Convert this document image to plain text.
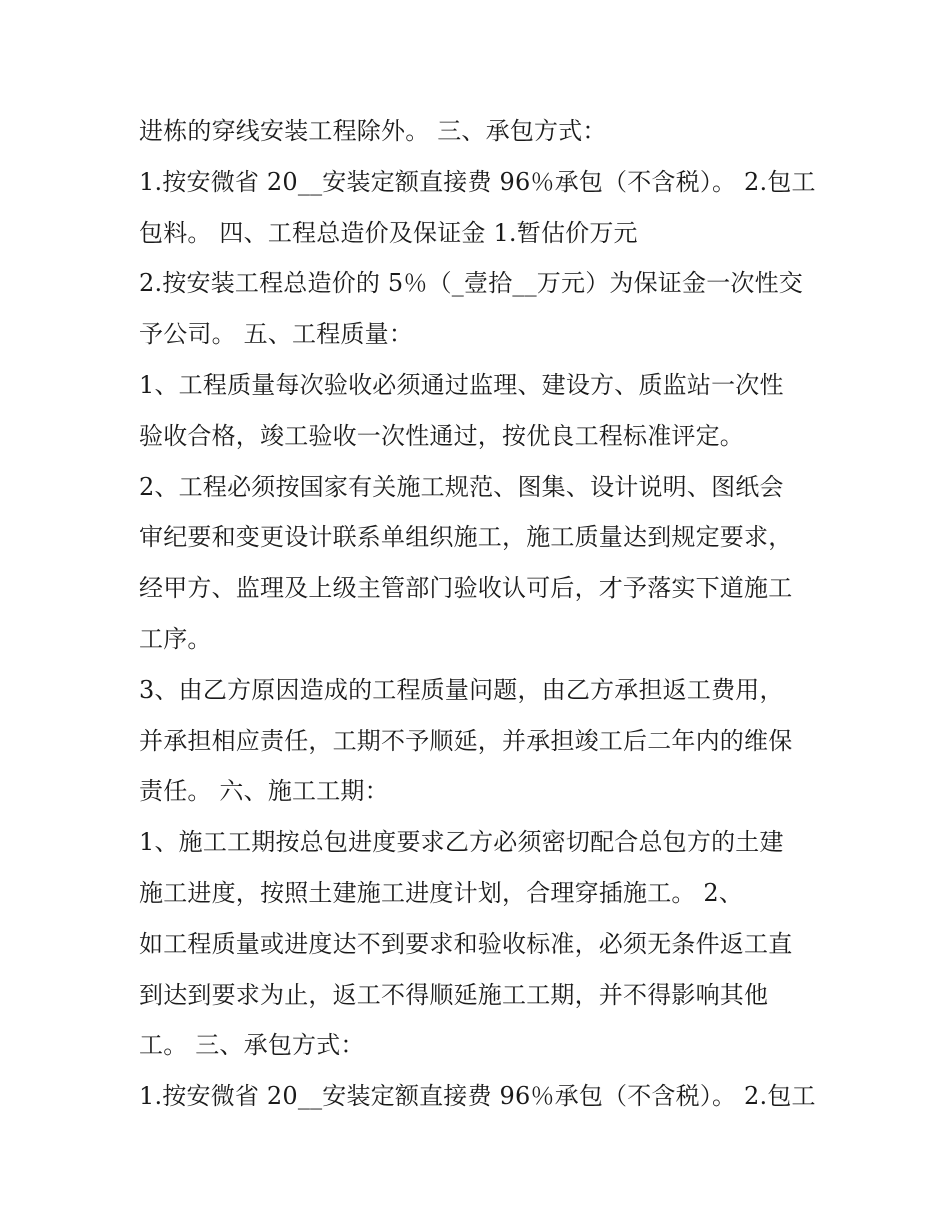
进栋的穿线安装工程除外。 三、承包方式：
1.按安微省 20__安装定额直接费 96％承包（不含税）。 2.包工
包料。 四、工程总造价及保证金 1.暂估价万元
2.按安装工程总造价的 5％（_壹拾__万元）为保证金一次性交
予公司。 五、工程质量：
1、工程质量每次验收必须通过监理、建设方、质监站一次性
验收合格，竣工验收一次性通过，按优良工程标准评定。
2、工程必须按国家有关施工规范、图集、设计说明、图纸会
审纪要和变更设计联系单组织施工，施工质量达到规定要求，
经甲方、监理及上级主管部门验收认可后，才予落实下道施工
工序。
3、由乙方原因造成的工程质量问题，由乙方承担返工费用，
并承担相应责任，工期不予顺延，并承担竣工后二年内的维保
责任。 六、施工工期：
1、施工工期按总包进度要求乙方必须密切配合总包方的土建
施工进度，按照土建施工进度计划，合理穿插施工。 2、
如工程质量或进度达不到要求和验收标准，必须无条件返工直
到达到要求为止，返工不得顺延施工工期，并不得影响其他
工。 三、承包方式：
1.按安微省 20__安装定额直接费 96％承包（不含税）。 2.包工
